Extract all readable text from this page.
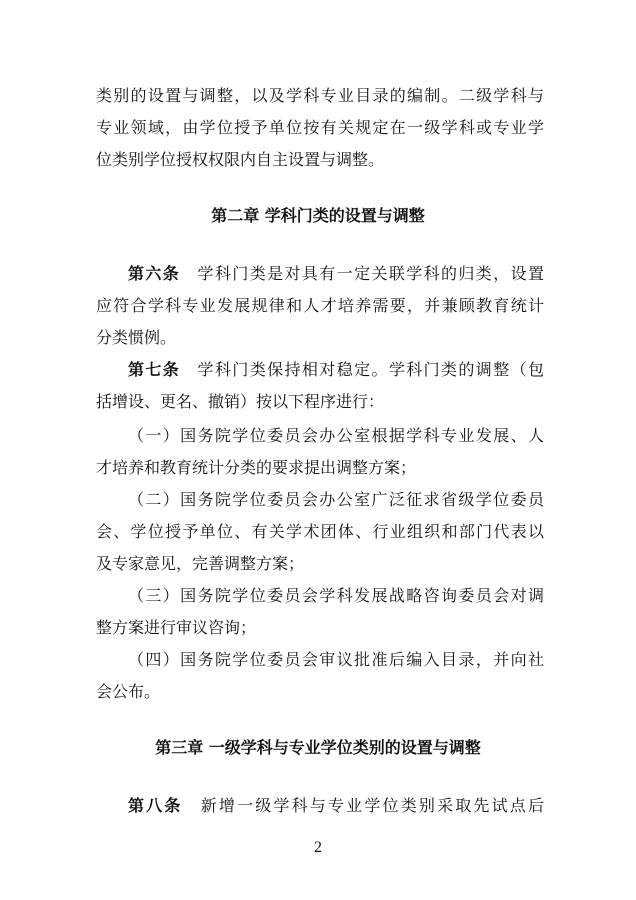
类别的设置与调整，以及学科专业目录的编制。二级学科与
专业领域，由学位授予单位按有关规定在一级学科或专业学
位类别学位授权权限内自主设置与调整。
第二章 学科门类的设置与调整
第六条 学科门类是对具有一定关联学科的归类，设置
应符合学科专业发展规律和人才培养需要，并兼顾教育统计
分类惯例。
第七条 学科门类保持相对稳定。学科门类的调整（包
括增设、更名、撤销）按以下程序进行：
（一）国务院学位委员会办公室根据学科专业发展、人
才培养和教育统计分类的要求提出调整方案；
（二）国务院学位委员会办公室广泛征求省级学位委员
会、学位授予单位、有关学术团体、行业组织和部门代表以
及专家意见，完善调整方案；
（三）国务院学位委员会学科发展战略咨询委员会对调
整方案进行审议咨询；
（四）国务院学位委员会审议批准后编入目录，并向社
会公布。
第三章 一级学科与专业学位类别的设置与调整
第八条 新增一级学科与专业学位类别采取先试点后
2
